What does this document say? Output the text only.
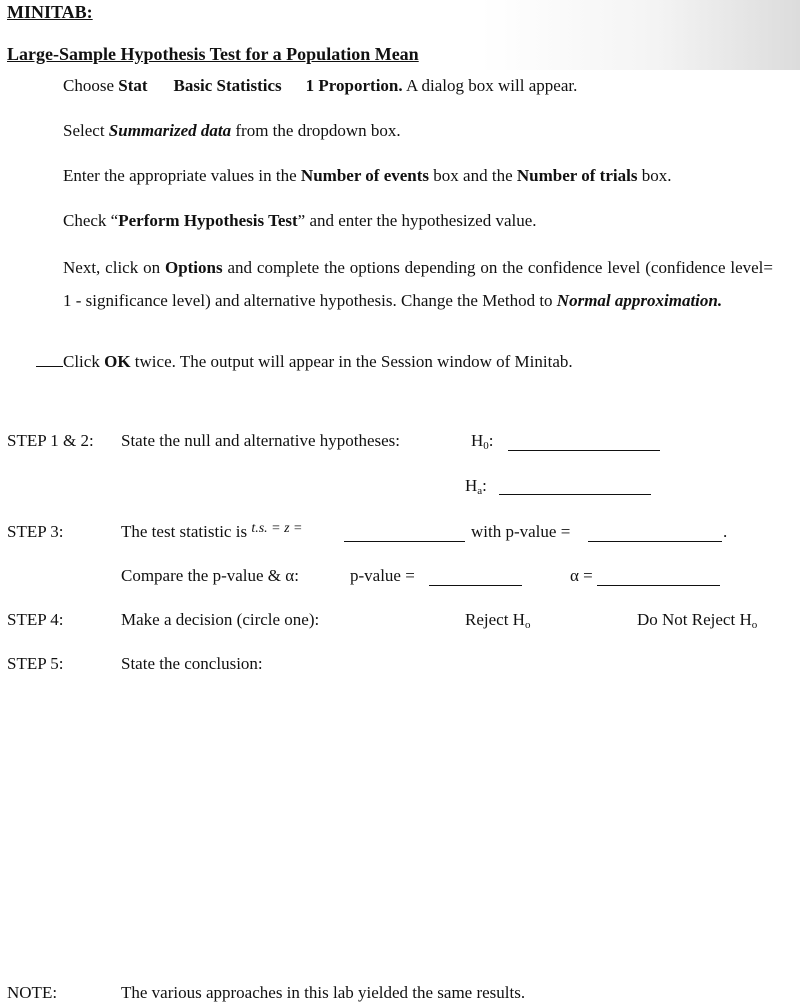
MINITAB:
Large-Sample Hypothesis Test for a Population Mean
Choose Stat Basic Statistics 1 Proportion. A dialog box will appear.
Select Summarized data from the dropdown box.
Enter the appropriate values in the Number of events box and the Number of trials box.
Check “Perform Hypothesis Test” and enter the hypothesized value.
Next, click on Options and complete the options depending on the confidence level (confidence level= 1 - significance level) and alternative hypothesis. Change the Method to Normal approximation.
Click OK twice. The output will appear in the Session window of Minitab.
STEP 1 & 2: State the null and alternative hypotheses:	$H_0$:
$H_a$:
STEP 3:	The test statistic is $^{t.s. = z =}$	with p-value =	.
Compare the p-value & α:	p-value =	α =
STEP 4:	Make a decision (circle one):	Reject $H_o$	Do Not Reject $H_o$
STEP 5:	State the conclusion:
NOTE:	The various approaches in this lab yielded the same results.
